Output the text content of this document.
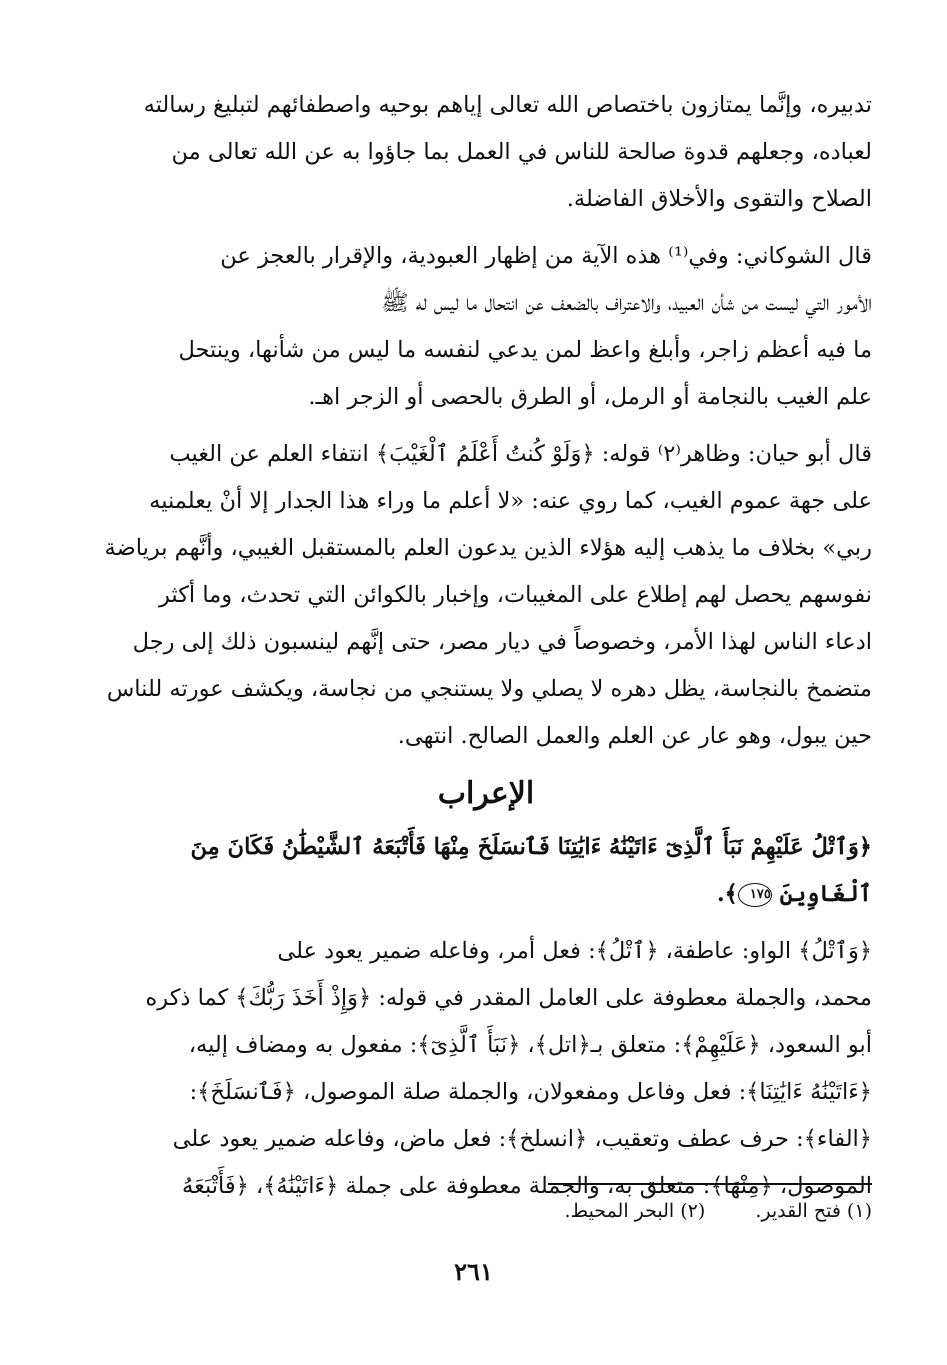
تدبيره، وإنَّما يمتازون باختصاص الله تعالى إياهم بوحيه واصطفائهم لتبليغ رسالته

لعباده، وجعلهم قدوة صالحة للناس في العمل بما جاؤوا به عن الله تعالى من

الصلاح والتقوى والأخلاق الفاضلة.

قال الشوكاني: وفي⁽¹⁾ هذه الآية من إظهار العبودية، والإقرار بالعجز عن

الأمور التي ليست من شأن العبيد، والاعتراف بالضعف عن انتحال ما ليس له ﷺ

ما فيه أعظم زاجر، وأبلغ واعظ لمن يدعي لنفسه ما ليس من شأنها، وينتحل

علم الغيب بالنجامة أو الرمل، أو الطرق بالحصى أو الزجر اهـ.

قال أبو حيان: وظاهر⁽٢⁾ قوله: ﴿وَلَوْ كُنتُ أَعْلَمُ ٱلْغَيْبَ﴾ انتفاء العلم عن الغيب

على جهة عموم الغيب، كما روي عنه: «لا أعلم ما وراء هذا الجدار إلا أنْ يعلمنيه

ربي» بخلاف ما يذهب إليه هؤلاء الذين يدعون العلم بالمستقبل الغيبي، وأنَّهم برياضة

نفوسهم يحصل لهم إطلاع على المغيبات، وإخبار بالكوائن التي تحدث، وما أكثر

ادعاء الناس لهذا الأمر، وخصوصاً في ديار مصر، حتى إنَّهم لينسبون ذلك إلى رجل

متضمخ بالنجاسة، يظل دهره لا يصلي ولا يستنجي من نجاسة، ويكشف عورته للناس

حين يبول، وهو عار عن العلم والعمل الصالح. انتهى.

الإعراب

﴿وَٱتْلُ عَلَيْهِمْ نَبَأَ ٱلَّذِىٓ ءَاتَيْنَٰهُ ءَايَٰتِنَا فَٱنسَلَخَ مِنْهَا فَأَتْبَعَهُ ٱلشَّيْطَٰنُ فَكَانَ مِنَ

ٱلْغَاوِينَ ١٧٥﴾.

﴿وَٱتْلُ﴾ الواو: عاطفة، ﴿ٱتْلُ﴾: فعل أمر، وفاعله ضمير يعود على

محمد، والجملة معطوفة على العامل المقدر في قوله: ﴿وَإِذْ أَخَذَ رَبُّكَ﴾ كما ذكره

أبو السعود، ﴿عَلَيْهِمْ﴾: متعلق بـ﴿اتل﴾، ﴿نَبَأَ ٱلَّذِىٓ﴾: مفعول به ومضاف إليه،

﴿ءَاتَيْنَٰهُ ءَايَٰتِنَا﴾: فعل وفاعل ومفعولان، والجملة صلة الموصول، ﴿فَٱنسَلَخَ﴾:

﴿الفاء﴾: حرف عطف وتعقيب، ﴿انسلخ﴾: فعل ماض، وفاعله ضمير يعود على

الموصول، ﴿مِنْهَا﴾: متعلق به، والجملة معطوفة على جملة ﴿ءَاتَيْنَٰهُ﴾، ﴿فَأَتْبَعَهُ

(١) فتح القدير.
(٢) البحر المحيط.
٢٦١
